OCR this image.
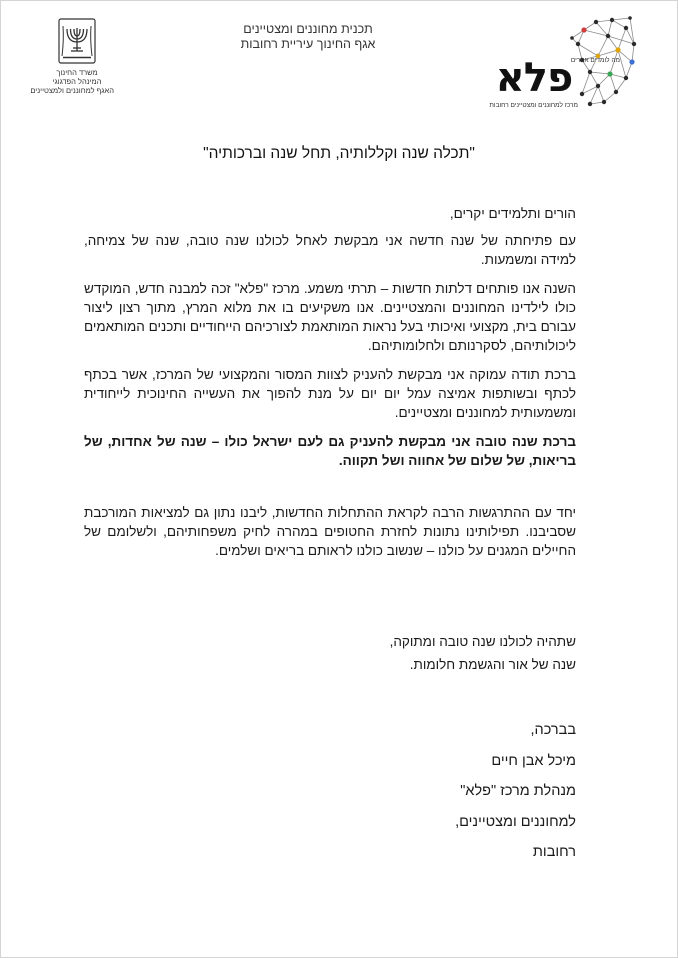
משרד החינוך
המינהל הפדגוגי
האגף למחוננים ולמצטיינים
תכנית מחוננים ומצטיינים
אגף החינוך עיריית רחובות
מה לומדים אחרים
פלא
מרכז למחוננים ומצטיינים רחובות
"תכלה שנה וקללותיה, תחל שנה וברכותיה"

הורים ותלמידים יקרים,

עם פתיחתה של שנה חדשה אני מבקשת לאחל לכולנו שנה טובה, שנה של צמיחה, למידה ומשמעות.

השנה אנו פותחים דלתות חדשות – תרתי משמע. מרכז "פלא" זכה למבנה חדש, המוקדש כולו לילדינו המחוננים והמצטיינים. אנו משקיעים בו את מלוא המרץ, מתוך רצון ליצור עבורם בית, מקצועי ואיכותי בעל נראות המותאמת לצורכיהם הייחודיים ותכנים המותאמים ליכולותיהם, לסקרנותם ולחלומותיהם.

ברכת תודה עמוקה אני מבקשת להעניק לצוות המסור והמקצועי של המרכז, אשר בכתף לכתף ובשותפות אמיצה עמל יום יום על מנת להפוך את העשייה החינוכית לייחודית ומשמעותית למחוננים ומצטיינים.

ברכת שנה טובה אני מבקשת להעניק גם לעם ישראל כולו – שנה של אחדות, של בריאות, של שלום של אחווה ושל תקווה.

יחד עם ההתרגשות הרבה לקראת ההתחלות החדשות, ליבנו נתון גם למציאות המורכבת שסביבנו. תפילותינו נתונות לחזרת החטופים במהרה לחיק משפחותיהם, ולשלומם של החיילים המגנים על כולנו – שנשוב כולנו לראותם בריאים ושלמים.

שתהיה לכולנו שנה טובה ומתוקה,
שנה של אור והגשמת חלומות.
בברכה,
מיכל אבן חיים
מנהלת מרכז "פלא"
למחוננים ומצטיינים,
רחובות
